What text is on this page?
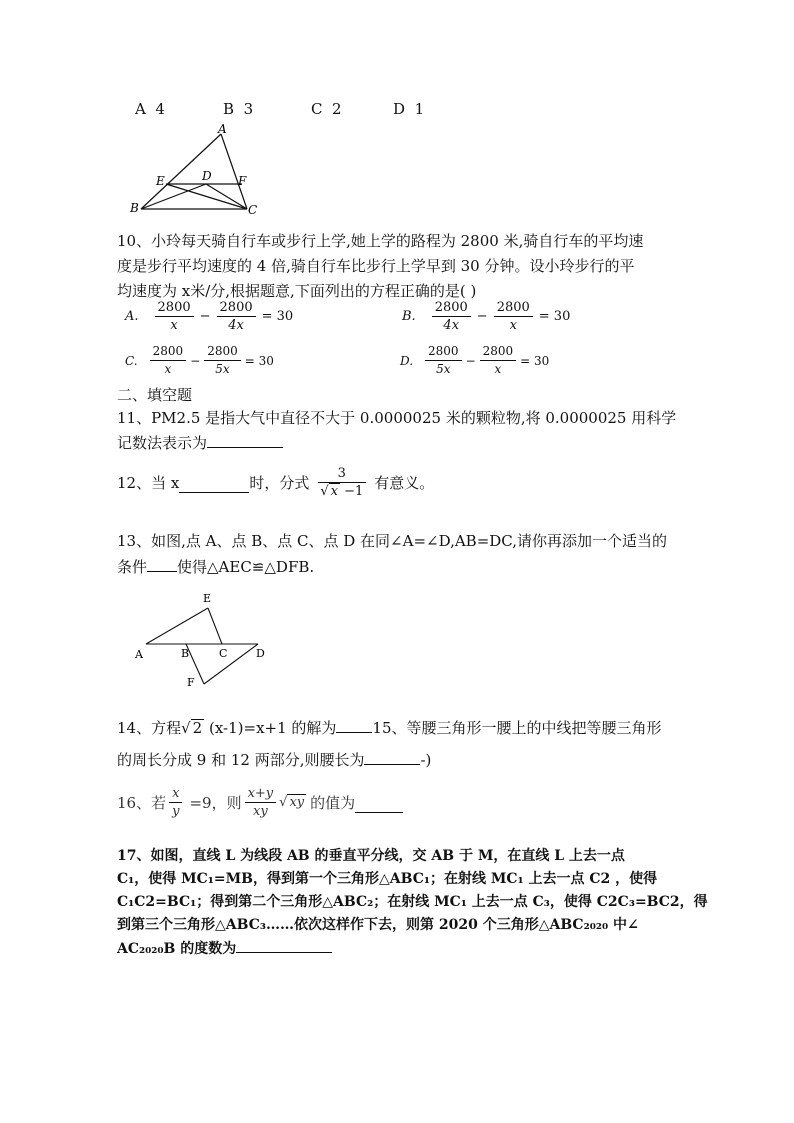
A 4	B 3	C 2	D 1
A
E	D F
B	C
10、小玲每天骑自行车或步行上学,她上学的路程为 2800 米,骑自行车的平均速
度是步行平均速度的 4 倍,骑自行车比步行上学早到 30 分钟。设小玲步行的平
均速度为 x米/分,根据题意,下面列出的方程正确的是( )
A. $\frac{2800}{x} - \frac{2800}{4x} = 30$	B. $\frac{2800}{4x} - \frac{2800}{x} = 30$
C. $\frac{2800}{x} - \frac{2800}{5x} = 30$	D. $\frac{2800}{5x} - \frac{2800}{x} = 30$
二、填空题
11、PM2.5 是指大气中直径不大于 0.0000025 米的颗粒物,将 0.0000025 用科学
记数法表示为
12、当 x	时，分式 $\frac{3}{√ x -1}$ 有意义。
13、如图,点 A、点 B、点 C、点 D 在同∠A=∠D,AB=DC,请你再添加一个适当的
条件 使得△AEC≌△DFB.
E
A	B	C	D
F
14、方程√ 2 (x-1)=x+1 的解为 15、等腰三角形一腰上的中线把等腰三角形
的周长分成 9 和 12 两部分,则腰长为	-)
16、若 $\frac{x}{y} =9$，则 $\frac{x+y}{xy}$ √ xy 的值为
17、如图，直线 L 为线段 AB 的垂直平分线，交 AB 于 M，在直线 L 上去一点
C₁，使得 MC₁=MB，得到第一个三角形△ABC₁；在射线 MC₁ 上去一点 C2 ，使得
C₁C2=BC₁；得到第二个三角形△ABC₂；在射线 MC₁ 上去一点 C₃，使得 C2C₃=BC2，得
到第三个三角形△ABC₃……依次这样作下去，则第 2020 个三角形△ABC₂₀₂₀ 中∠
AC₂₀₂₀B 的度数为
